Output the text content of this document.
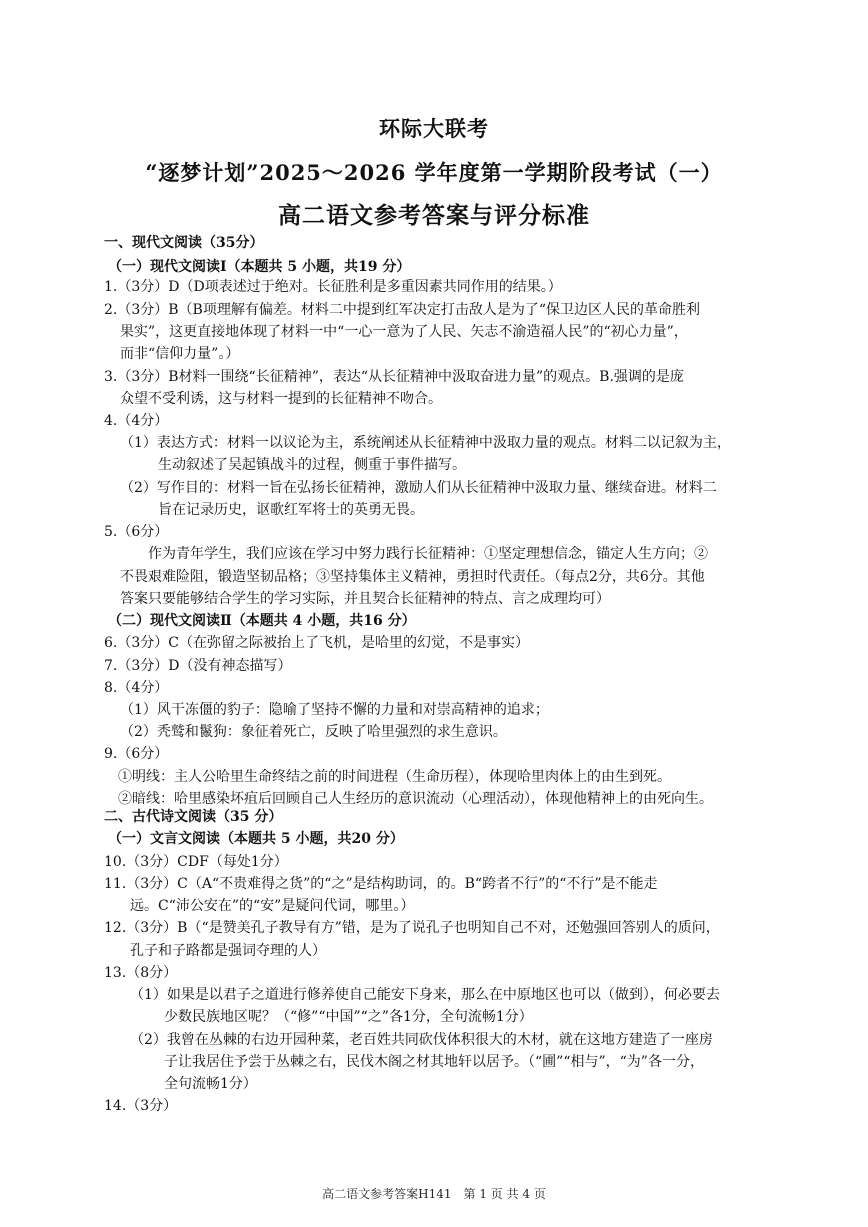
环际大联考
“逐梦计划”2025～2026 学年度第一学期阶段考试（一）
高二语文参考答案与评分标准
一、现代文阅读（35分）
（一）现代文阅读Ⅰ（本题共 5 小题，共19 分）
1.（3分）D（D项表述过于绝对。长征胜利是多重因素共同作用的结果。）
2.（3分）B（B项理解有偏差。材料二中提到红军决定打击敌人是为了“保卫边区人民的革命胜利
果实”，这更直接地体现了材料一中“一心一意为了人民、矢志不渝造福人民”的“初心力量”，
而非“信仰力量”。）
3.（3分）B材料一围绕“长征精神”，表达“从长征精神中汲取奋进力量”的观点。B.强调的是庞
众望不受利诱，这与材料一提到的长征精神不吻合。
4.（4分）
（1）表达方式：材料一以议论为主，系统阐述从长征精神中汲取力量的观点。材料二以记叙为主，
生动叙述了吴起镇战斗的过程，侧重于事件描写。
（2）写作目的：材料一旨在弘扬长征精神，激励人们从长征精神中汲取力量、继续奋进。材料二
旨在记录历史，讴歌红军将士的英勇无畏。
5.（6分）
作为青年学生，我们应该在学习中努力践行长征精神：①坚定理想信念，锚定人生方向；②
不畏艰难险阻，锻造坚韧品格；③坚持集体主义精神，勇担时代责任。（每点2分，共6分。其他
答案只要能够结合学生的学习实际，并且契合长征精神的特点、言之成理均可）
（二）现代文阅读Ⅱ（本题共 4 小题，共16 分）
6.（3分）C（在弥留之际被抬上了飞机，是哈里的幻觉，不是事实）
7.（3分）D（没有神态描写）
8.（4分）
（1）风干冻僵的豹子：隐喻了坚持不懈的力量和对崇高精神的追求；
（2）秃鹫和鬣狗：象征着死亡，反映了哈里强烈的求生意识。
9.（6分）
①明线：主人公哈里生命终结之前的时间进程（生命历程），体现哈里肉体上的由生到死。
②暗线：哈里感染坏疽后回顾自己人生经历的意识流动（心理活动），体现他精神上的由死向生。
二、古代诗文阅读（35 分）
（一）文言文阅读（本题共 5 小题，共20 分）
10.（3分）CDF（每处1分）
11.（3分）C（A“不贵难得之货”的“之”是结构助词，的。B“跨者不行”的“不行”是不能走
远。C“沛公安在”的“安”是疑问代词，哪里。）
12.（3分）B（“是赞美孔子教导有方”错，是为了说孔子也明知自己不对，还勉强回答别人的质问，
孔子和子路都是强词夺理的人）
13.（8分）
（1）如果是以君子之道进行修养使自己能安下身来，那么在中原地区也可以（做到），何必要去
少数民族地区呢？（“修”“中国”“之”各1分，全句流畅1分）
（2）我曾在丛棘的右边开园种菜，老百姓共同砍伐体积很大的木材，就在这地方建造了一座房
子让我居住予尝于丛棘之右，民伐木阁之材其地轩以居予。（“圃”“相与”，“为”各一分，
全句流畅1分）
14.（3分）
高二语文参考答案H141　第 1 页 共 4 页
